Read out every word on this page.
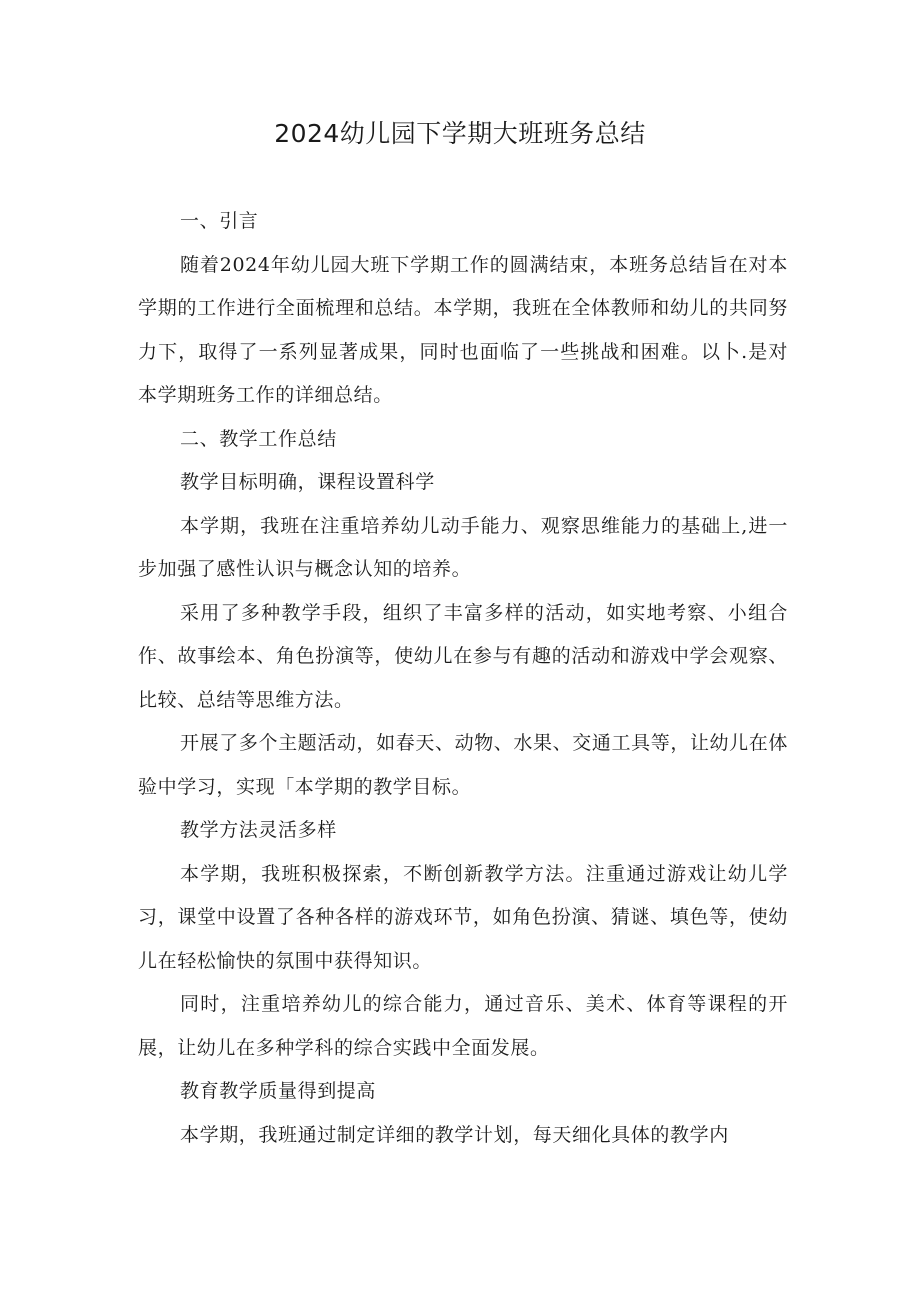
2024幼儿园下学期大班班务总结

一、引言

随着2024年幼儿园大班下学期工作的圆满结束，本班务总结旨在对本学期的工作进行全面梳理和总结。本学期，我班在全体教师和幼儿的共同努力下，取得了一系列显著成果，同时也面临了一些挑战和困难。以卜.是对本学期班务工作的详细总结。

二、教学工作总结

教学目标明确，课程设置科学

本学期，我班在注重培养幼儿动手能力、观察思维能力的基础上,进一步加强了感性认识与概念认知的培养。

采用了多种教学手段，组织了丰富多样的活动，如实地考察、小组合作、故事绘本、角色扮演等，使幼儿在参与有趣的活动和游戏中学会观察、比较、总结等思维方法。

开展了多个主题活动，如春天、动物、水果、交通工具等，让幼儿在体验中学习，实现「本学期的教学目标。

教学方法灵活多样

本学期，我班积极探索，不断创新教学方法。注重通过游戏让幼儿学习，课堂中设置了各种各样的游戏环节，如角色扮演、猜谜、填色等，使幼儿在轻松愉快的氛围中获得知识。

同时，注重培养幼儿的综合能力，通过音乐、美术、体育等课程的开展，让幼儿在多种学科的综合实践中全面发展。

教育教学质量得到提高

本学期，我班通过制定详细的教学计划，每天细化具体的教学内
